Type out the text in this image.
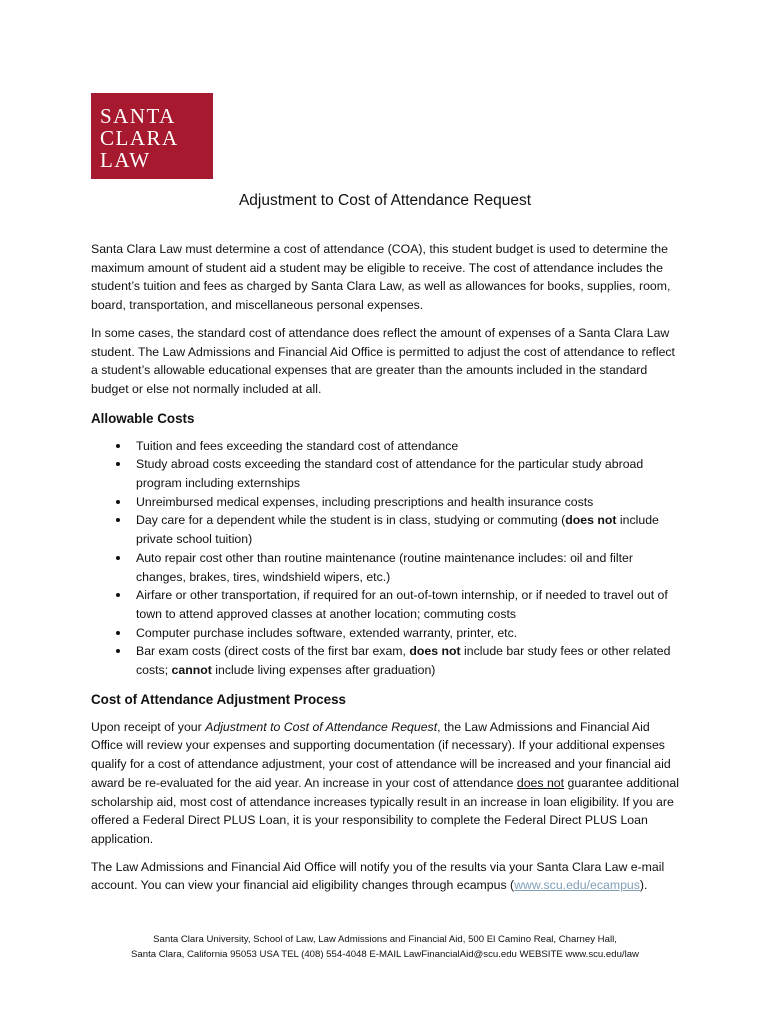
SANTA
CLARA
LAW
Adjustment to Cost of Attendance Request

Santa Clara Law must determine a cost of attendance (COA), this student budget is used to determine the maximum amount of student aid a student may be eligible to receive. The cost of attendance includes the student’s tuition and fees as charged by Santa Clara Law, as well as allowances for books, supplies, room, board, transportation, and miscellaneous personal expenses.

In some cases, the standard cost of attendance does reflect the amount of expenses of a Santa Clara Law student. The Law Admissions and Financial Aid Office is permitted to adjust the cost of attendance to reflect a student’s allowable educational expenses that are greater than the amounts included in the standard budget or else not normally included at all.

Allowable Costs
Tuition and fees exceeding the standard cost of attendance
Study abroad costs exceeding the standard cost of attendance for the particular study abroad program including externships
Unreimbursed medical expenses, including prescriptions and health insurance costs
Day care for a dependent while the student is in class, studying or commuting (does not include private school tuition)
Auto repair cost other than routine maintenance (routine maintenance includes: oil and filter changes, brakes, tires, windshield wipers, etc.)
Airfare or other transportation, if required for an out-of-town internship, or if needed to travel out of town to attend approved classes at another location; commuting costs
Computer purchase includes software, extended warranty, printer, etc.
Bar exam costs (direct costs of the first bar exam, does not include bar study fees or other related costs; cannot include living expenses after graduation)
Cost of Attendance Adjustment Process

Upon receipt of your Adjustment to Cost of Attendance Request, the Law Admissions and Financial Aid Office will review your expenses and supporting documentation (if necessary). If your additional expenses qualify for a cost of attendance adjustment, your cost of attendance will be increased and your financial aid award be re-evaluated for the aid year. An increase in your cost of attendance does not guarantee additional scholarship aid, most cost of attendance increases typically result in an increase in loan eligibility. If you are offered a Federal Direct PLUS Loan, it is your responsibility to complete the Federal Direct PLUS Loan application.

The Law Admissions and Financial Aid Office will notify you of the results via your Santa Clara Law e-mail account. You can view your financial aid eligibility changes through ecampus (www.scu.edu/ecampus).

Santa Clara University, School of Law, Law Admissions and Financial Aid, 500 El Camino Real, Charney Hall,
Santa Clara, California 95053 USA TEL (408) 554-4048 E-MAIL LawFinancialAid@scu.edu WEBSITE www.scu.edu/law
